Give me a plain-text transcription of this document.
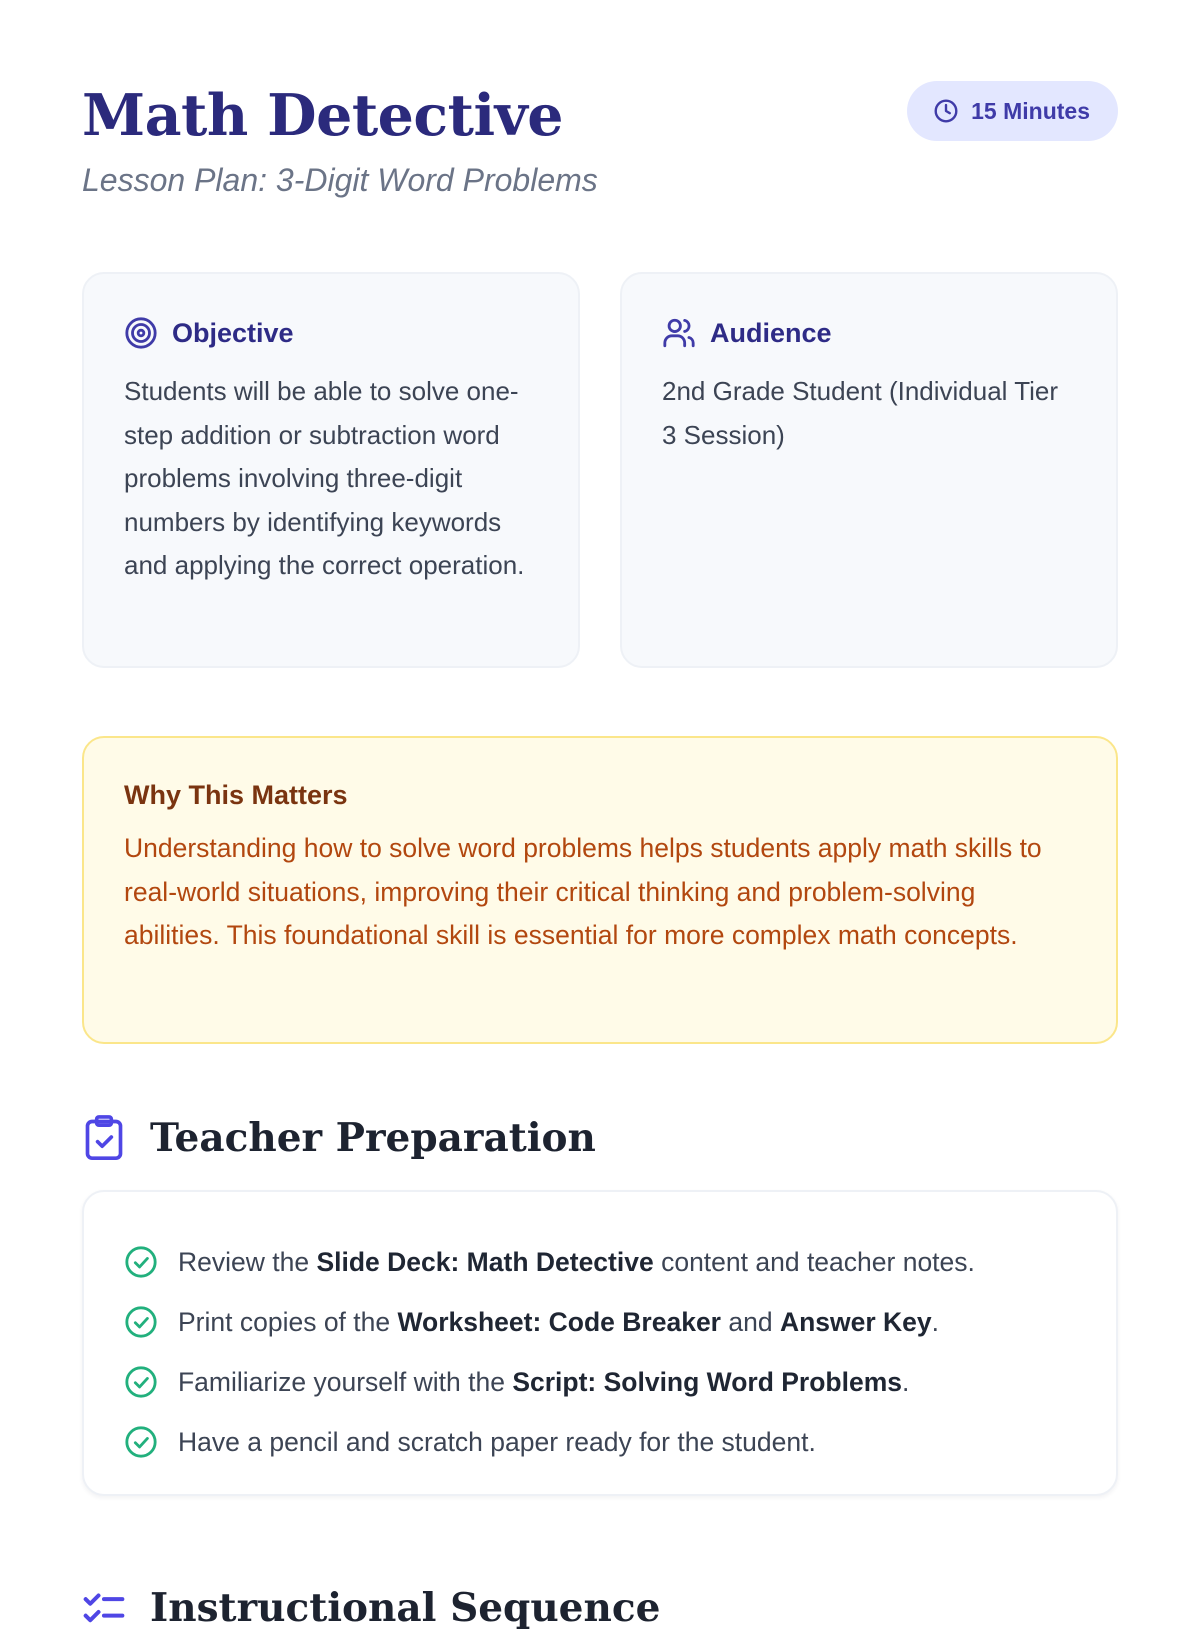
Math Detective
Lesson Plan: 3-Digit Word Problems
15 Minutes
Objective

Students will be able to solve one-step addition or subtraction word problems involving three-digit numbers by identifying keywords and applying the correct operation.

Audience

2nd Grade Student (Individual Tier 3 Session)

Why This Matters

Understanding how to solve word problems helps students apply math skills to real-world situations, improving their critical thinking and problem-solving abilities. This foundational skill is essential for more complex math concepts.

Teacher Preparation
Review the Slide Deck: Math Detective content and teacher notes.
Print copies of the Worksheet: Code Breaker and Answer Key.
Familiarize yourself with the Script: Solving Word Problems.
Have a pencil and scratch paper ready for the student.
Instructional Sequence
